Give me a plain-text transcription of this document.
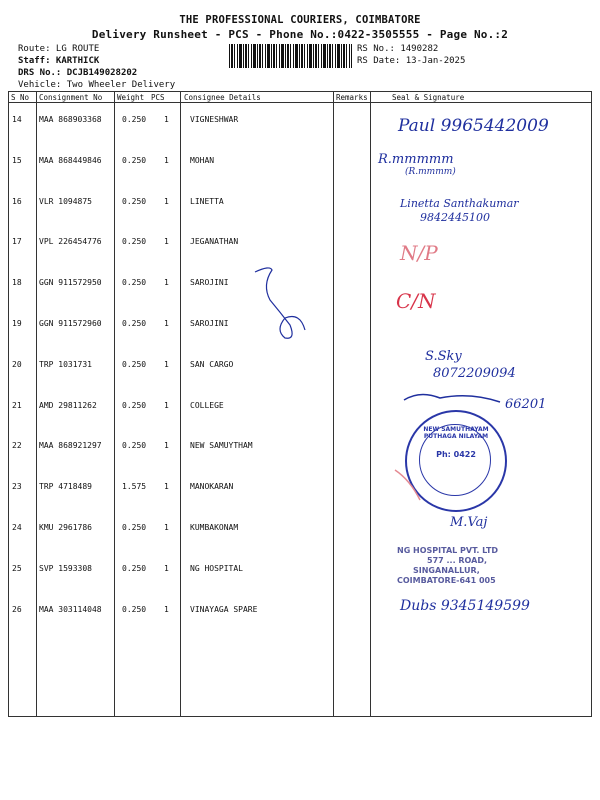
THE PROFESSIONAL COURIERS, COIMBATORE
Delivery Runsheet - PCS - Phone No.:0422-3505555 - Page No.:2
Route: LG ROUTE
Staff: KARTHICK
DRS No.: DCJB149028202
Vehicle: Two Wheeler Delivery
RS No.: 1490282
RS Date: 13-Jan-2025
S No Consignment No Weight PCS	Consignee Details	Remarks	Seal & Signature
14 MAA 868903368	0.250 1	VIGNESHWAR
15 MAA 868449846	0.250 1	MOHAN
16 VLR 1094875	0.250 1	LINETTA
17 VPL 226454776	0.250 1	JEGANATHAN
18 GGN 911572950	0.250 1	SAROJINI
19 GGN 911572960	0.250 1	SAROJINI
20 TRP 1031731	0.250 1	SAN CARGO
21 AMD 29811262	0.250 1	COLLEGE
22 MAA 868921297	0.250 1	NEW SAMUYTHAM
23 TRP 4718489	1.575 1	MANOKARAN
24 KMU 2961786	0.250 1	KUMBAKONAM
25 SVP 1593308	0.250 1	NG HOSPITAL
26 MAA 303114048	0.250 1	VINAYAGA SPARE
Paul 9965442009
R.mmmmm
(R.mmmm)
Linetta Santhakumar
9842445100
N/P
C/N
S.Sky
8072209094
66201
M.Vaj
Dubs 9345149599
NEW SAMUTHAYAM PUTHAGA NILAYAM
Ph: 0422
NG HOSPITAL PVT. LTD
577 ... ROAD,
SINGANALLUR,
COIMBATORE-641 005
